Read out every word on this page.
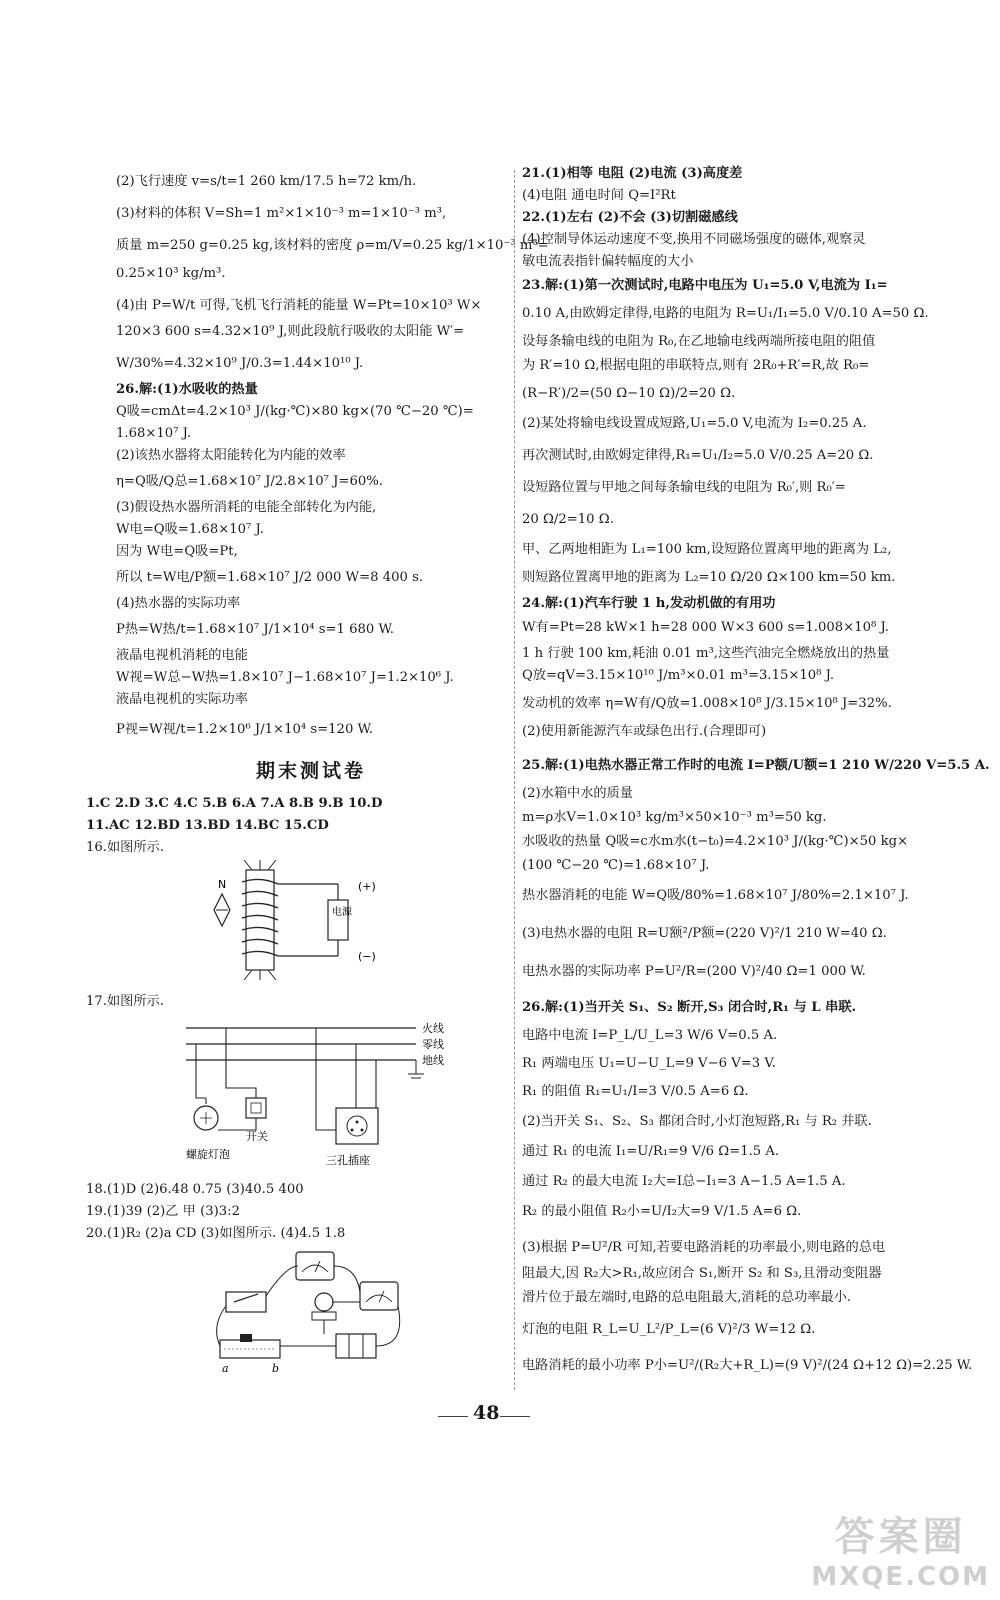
(2)飞行速度 v=s/t=1 260 km/17.5 h=72 km/h.
(3)材料的体积 V=Sh=1 m²×1×10⁻³ m=1×10⁻³ m³,
质量 m=250 g=0.25 kg,该材料的密度 ρ=m/V=0.25 kg/1×10⁻³ m³=
0.25×10³ kg/m³.
(4)由 P=W/t 可得,飞机飞行消耗的能量 W=Pt=10×10³ W×
120×3 600 s=4.32×10⁹ J,则此段航行吸收的太阳能 W′=
W/30%=4.32×10⁹ J/0.3=1.44×10¹⁰ J.
26.解:(1)水吸收的热量
Q吸=cmΔt=4.2×10³ J/(kg·℃)×80 kg×(70 ℃−20 ℃)=
1.68×10⁷ J.
(2)该热水器将太阳能转化为内能的效率
η=Q吸/Q总=1.68×10⁷ J/2.8×10⁷ J=60%.
(3)假设热水器所消耗的电能全部转化为内能,
W电=Q吸=1.68×10⁷ J.
因为 W电=Q吸=Pt,
所以 t=W电/P额=1.68×10⁷ J/2 000 W=8 400 s.
(4)热水器的实际功率
P热=W热/t=1.68×10⁷ J/1×10⁴ s=1 680 W.
液晶电视机消耗的电能
W视=W总−W热=1.8×10⁷ J−1.68×10⁷ J=1.2×10⁶ J.
液晶电视机的实际功率
P视=W视/t=1.2×10⁶ J/1×10⁴ s=120 W.
期末测试卷
1.C 2.D 3.C 4.C 5.B 6.A 7.A 8.B 9.B 10.D
11.AC 12.BD 13.BD 14.BC 15.CD
16.如图所示.
N
电源
(+)
(−)
17.如图所示.
火线
零线
地线
螺旋灯泡
开关
三孔插座
18.(1)D (2)6.48 0.75 (3)40.5 400
19.(1)39 (2)乙 甲 (3)3:2
20.(1)R₂ (2)a CD (3)如图所示. (4)4.5 1.8
a	b
21.(1)相等 电阻 (2)电流 (3)高度差
(4)电阻 通电时间 Q=I²Rt
22.(1)左右 (2)不会 (3)切割磁感线
(4)控制导体运动速度不变,换用不同磁场强度的磁体,观察灵
敏电流表指针偏转幅度的大小
23.解:(1)第一次测试时,电路中电压为 U₁=5.0 V,电流为 I₁=
0.10 A,由欧姆定律得,电路的电阻为 R=U₁/I₁=5.0 V/0.10 A=50 Ω.
设每条输电线的电阻为 R₀,在乙地输电线两端所接电阻的阻值
为 R′=10 Ω,根据电阻的串联特点,则有 2R₀+R′=R,故 R₀=
(R−R′)/2=(50 Ω−10 Ω)/2=20 Ω.
(2)某处将输电线设置成短路,U₁=5.0 V,电流为 I₂=0.25 A.
再次测试时,由欧姆定律得,R₁=U₁/I₂=5.0 V/0.25 A=20 Ω.
设短路位置与甲地之间每条输电线的电阻为 R₀′,则 R₀′=
20 Ω/2=10 Ω.
甲、乙两地相距为 L₁=100 km,设短路位置离甲地的距离为 L₂,
则短路位置离甲地的距离为 L₂=10 Ω/20 Ω×100 km=50 km.
24.解:(1)汽车行驶 1 h,发动机做的有用功
W有=Pt=28 kW×1 h=28 000 W×3 600 s=1.008×10⁸ J.
1 h 行驶 100 km,耗油 0.01 m³,这些汽油完全燃烧放出的热量
Q放=qV=3.15×10¹⁰ J/m³×0.01 m³=3.15×10⁸ J.
发动机的效率 η=W有/Q放=1.008×10⁸ J/3.15×10⁸ J=32%.
(2)使用新能源汽车或绿色出行.(合理即可)
25.解:(1)电热水器正常工作时的电流 I=P额/U额=1 210 W/220 V=5.5 A.
(2)水箱中水的质量
m=ρ水V=1.0×10³ kg/m³×50×10⁻³ m³=50 kg.
水吸收的热量 Q吸=c水m水(t−t₀)=4.2×10³ J/(kg·℃)×50 kg×
(100 ℃−20 ℃)=1.68×10⁷ J.
热水器消耗的电能 W=Q吸/80%=1.68×10⁷ J/80%=2.1×10⁷ J.
(3)电热水器的电阻 R=U额²/P额=(220 V)²/1 210 W=40 Ω.
电热水器的实际功率 P=U²/R=(200 V)²/40 Ω=1 000 W.
26.解:(1)当开关 S₁、S₂ 断开,S₃ 闭合时,R₁ 与 L 串联.
电路中电流 I=P_L/U_L=3 W/6 V=0.5 A.
R₁ 两端电压 U₁=U−U_L=9 V−6 V=3 V.
R₁ 的阻值 R₁=U₁/I=3 V/0.5 A=6 Ω.
(2)当开关 S₁、S₂、S₃ 都闭合时,小灯泡短路,R₁ 与 R₂ 并联.
通过 R₁ 的电流 I₁=U/R₁=9 V/6 Ω=1.5 A.
通过 R₂ 的最大电流 I₂大=I总−I₁=3 A−1.5 A=1.5 A.
R₂ 的最小阻值 R₂小=U/I₂大=9 V/1.5 A=6 Ω.
(3)根据 P=U²/R 可知,若要电路消耗的功率最小,则电路的总电
阻最大,因 R₂大>R₁,故应闭合 S₁,断开 S₂ 和 S₃,且滑动变阻器
滑片位于最左端时,电路的总电阻最大,消耗的总功率最小.
灯泡的电阻 R_L=U_L²/P_L=(6 V)²/3 W=12 Ω.
电路消耗的最小功率 P小=U²/(R₂大+R_L)=(9 V)²/(24 Ω+12 Ω)=2.25 W.
48
答案圈
MXQE.COM
